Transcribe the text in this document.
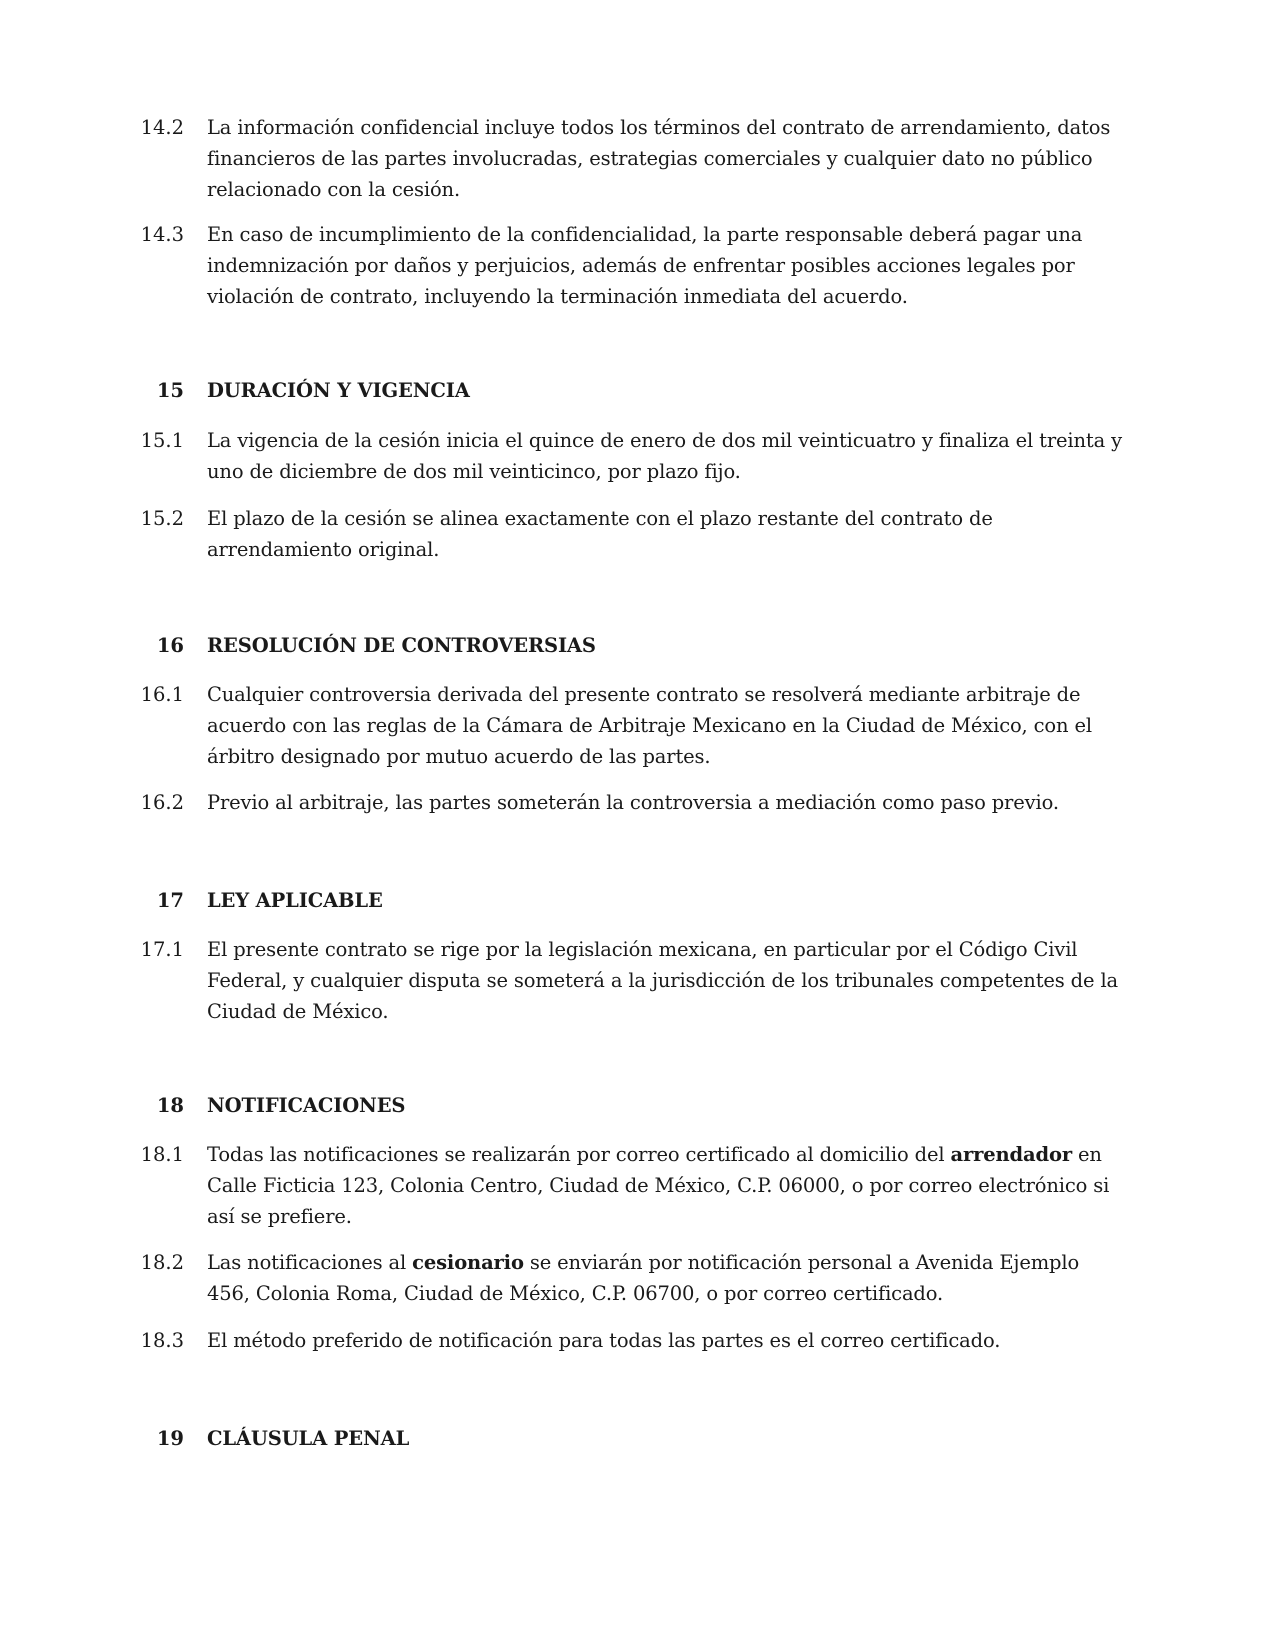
14.2 La información confidencial incluye todos los términos del contrato de arrendamiento, datos financieros de las partes involucradas, estrategias comerciales y cualquier dato no público relacionado con la cesión.
14.3 En caso de incumplimiento de la confidencialidad, la parte responsable deberá pagar una indemnización por daños y perjuicios, además de enfrentar posibles acciones legales por violación de contrato, incluyendo la terminación inmediata del acuerdo.
15 DURACIÓN Y VIGENCIA
15.1 La vigencia de la cesión inicia el quince de enero de dos mil veinticuatro y finaliza el treinta y uno de diciembre de dos mil veinticinco, por plazo fijo.
15.2 El plazo de la cesión se alinea exactamente con el plazo restante del contrato de arrendamiento original.
16 RESOLUCIÓN DE CONTROVERSIAS
16.1 Cualquier controversia derivada del presente contrato se resolverá mediante arbitraje de acuerdo con las reglas de la Cámara de Arbitraje Mexicano en la Ciudad de México, con el árbitro designado por mutuo acuerdo de las partes.
16.2 Previo al arbitraje, las partes someterán la controversia a mediación como paso previo.
17 LEY APLICABLE
17.1 El presente contrato se rige por la legislación mexicana, en particular por el Código Civil Federal, y cualquier disputa se someterá a la jurisdicción de los tribunales competentes de la Ciudad de México.
18 NOTIFICACIONES
18.1 Todas las notificaciones se realizarán por correo certificado al domicilio del arrendador en Calle Ficticia 123, Colonia Centro, Ciudad de México, C.P. 06000, o por correo electrónico si así se prefiere.
18.2 Las notificaciones al cesionario se enviarán por notificación personal a Avenida Ejemplo 456, Colonia Roma, Ciudad de México, C.P. 06700, o por correo certificado.
18.3 El método preferido de notificación para todas las partes es el correo certificado.
19 CLÁUSULA PENAL
